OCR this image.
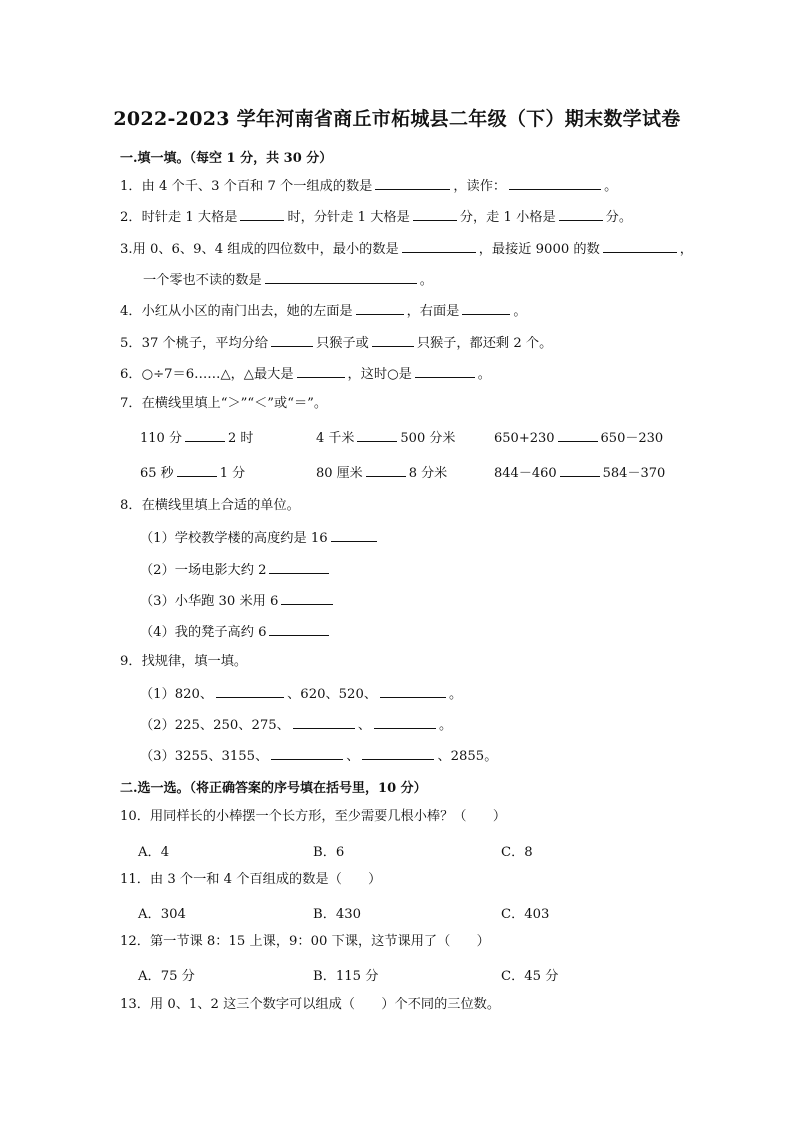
2022-2023 学年河南省商丘市柘城县二年级（下）期末数学试卷
一.填一填。（每空 1 分，共 30 分）
1．由 4 个千、3 个百和 7 个一组成的数是	，读作：	。
2．时针走 1 大格是	时，分针走 1 大格是	分，走 1 小格是	分。
3.用 0、6、9、4 组成的四位数中，最小的数是	，最接近 9000 的数	，
一个零也不读的数是	。
4．小红从小区的南门出去，她的左面是	，右面是	。
5．37 个桃子，平均分给	只猴子或	只猴子，都还剩 2 个。
6．○÷7＝6……△，△最大是	，这时○是	。
7．在横线里填上“＞”“＜”或“＝”。
110 分	2 时	4 千米	500 分米	650+230	650－230
65 秒	1 分	80 厘米	8 分米	844－460	584－370
8．在横线里填上合适的单位。
（1）学校教学楼的高度约是 16
（2）一场电影大约 2
（3）小华跑 30 米用 6
（4）我的凳子高约 6
9．找规律，填一填。
（1）820、	、620、520、	。
（2）225、250、275、	、	。
（3）3255、3155、	、	、2855。
二.选一选。（将正确答案的序号填在括号里，10 分）
10．用同样长的小棒摆一个长方形，至少需要几根小棒？（　　）
A．4	B．6	C．8
11．由 3 个一和 4 个百组成的数是（　　）
A．304	B．430	C．403
12．第一节课 8：15 上课，9：00 下课，这节课用了（　　）
A．75 分	B．115 分	C．45 分
13．用 0、1、2 这三个数字可以组成（　　）个不同的三位数。
